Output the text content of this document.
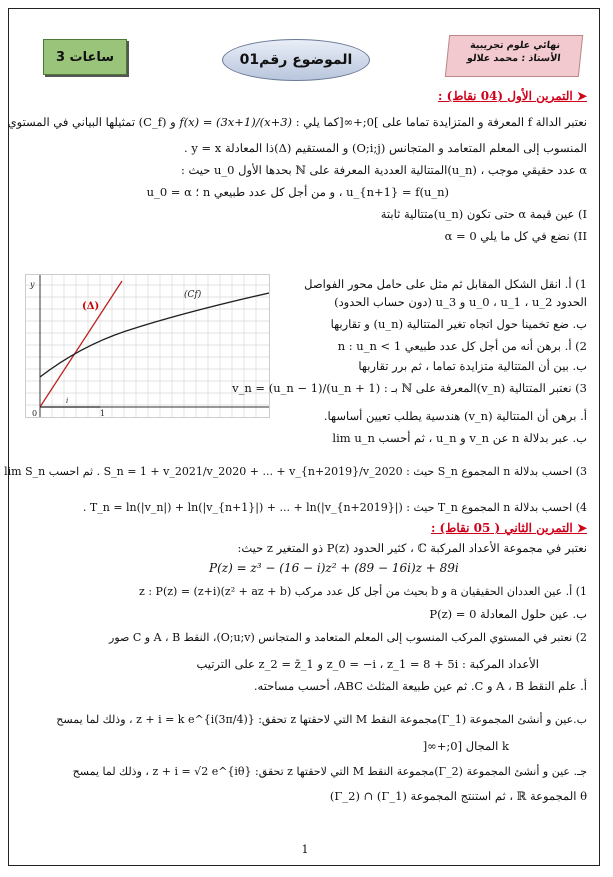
3 ساعات	الموضوع رقم01
نهائي علوم تجريبية
الأستاذ : محمد علالو
➤ التمرين الأول (04 نقاط) :
نعتبر الدالة f المعرفة و المتزايدة تماما على ]0;+∞[كما يلي : f(x) = (3x+1)/(x+3) و (C_f) تمثيلها البياني في المستوي
المنسوب إلى المعلم المتعامد و المتجانس (O;i;j) و المستقيم (Δ)ذا المعادلة y = x .
α عدد حقيقي موجب ، (u_n)المتتالية العددية المعرفة على ℕ بحدها الأول u_0 حيث :
u_{n+1} = f(u_n) ، و من أجل كل عدد طبيعي n ؛ u_0 = α
I) عين قيمة α حتى تكون (u_n)متتالية ثابتة
II) نضع في كل ما يلي α = 0
(Δ)
(Cf)
y
1
0
i
1) أ. انقل الشكل المقابل ثم مثل على حامل محور الفواصل
الحدود u_0 ، u_1 ، u_2 و u_3 (دون حساب الحدود)
ب. ضع تخمينا حول اتجاه تغير المتتالية (u_n) و تقاربها
2) أ. برهن أنه من أجل كل عدد طبيعي n : u_n < 1
ب. بين أن المتتالية متزايدة تماما ، ثم برر تقاربها
3) نعتبر المتتالية (v_n)المعرفة على ℕ بـ : v_n = (u_n − 1)/(u_n + 1)
أ. برهن أن المتتالية (v_n) هندسية يطلب تعيين أساسها.
ب. عبر بدلالة n عن v_n و u_n ، ثم أحسب lim u_n
3) احسب بدلالة n المجموع S_n حيث : S_n = 1 + v_2021/v_2020 + ... + v_{n+2019}/v_2020 . ثم احسب lim S_n
4) احسب بدلالة n المجموع T_n حيث : T_n = ln(|v_n|) + ln(|v_{n+1}|) + ... + ln(|v_{n+2019}|) .
➤ التمرين الثاني ( 05 نقاط) :
نعتبر في مجموعة الأعداد المركبة ℂ ، كثير الحدود P(z) ذو المتغير z حيث:
P(z) = z³ − (16 − i)z² + (89 − 16i)z + 89i
1) أ. عين العددان الحقيقيان a و b بحيث من أجل كل عدد مركب z : P(z) = (z+i)(z² + az + b)
ب. عين حلول المعادلة P(z) = 0
2) نعتبر في المستوي المركب المنسوب إلى المعلم المتعامد و المتجانس (O;u;v)، النقط A ، B و C صور
الأعداد المركبة : z_0 = −i ، z_1 = 8 + 5i و z_2 = z̄_1 على الترتيب
أ. علم النقط A ، B و C. ثم عين طبيعة المثلث ABC، أحسب مساحته.
ب.عين و أنشئ المجموعة (Γ_1)مجموعة النقط M التي لاحقتها z تحقق: z + i = k e^{i(3π/4)} ، وذلك لما يمسح
k المجال [0;+∞[
جـ. عين و أنشئ المجموعة (Γ_2)مجموعة النقط M التي لاحقتها z تحقق: z + i = √2 e^{iθ} ، وذلك لما يمسح
θ المجموعة ℝ ، ثم استنتج المجموعة (Γ_1) ∩ (Γ_2)
1
